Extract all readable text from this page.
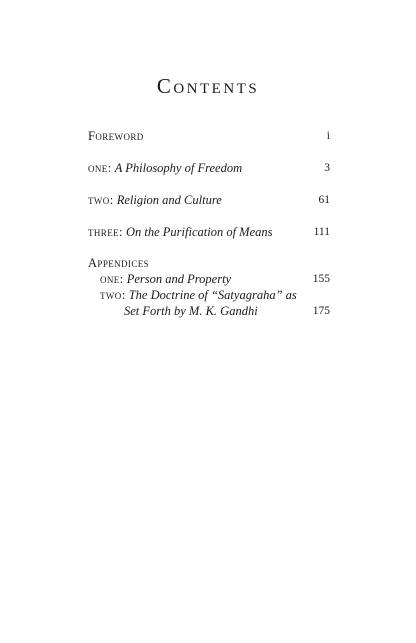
Contents
Foreword	i
one: A Philosophy of Freedom	3
two: Religion and Culture	61
three: On the Purification of Means	111
Appendices
one: Person and Property	155
two: The Doctrine of “Satyagraha” as
Set Forth by M. K. Gandhi	175
